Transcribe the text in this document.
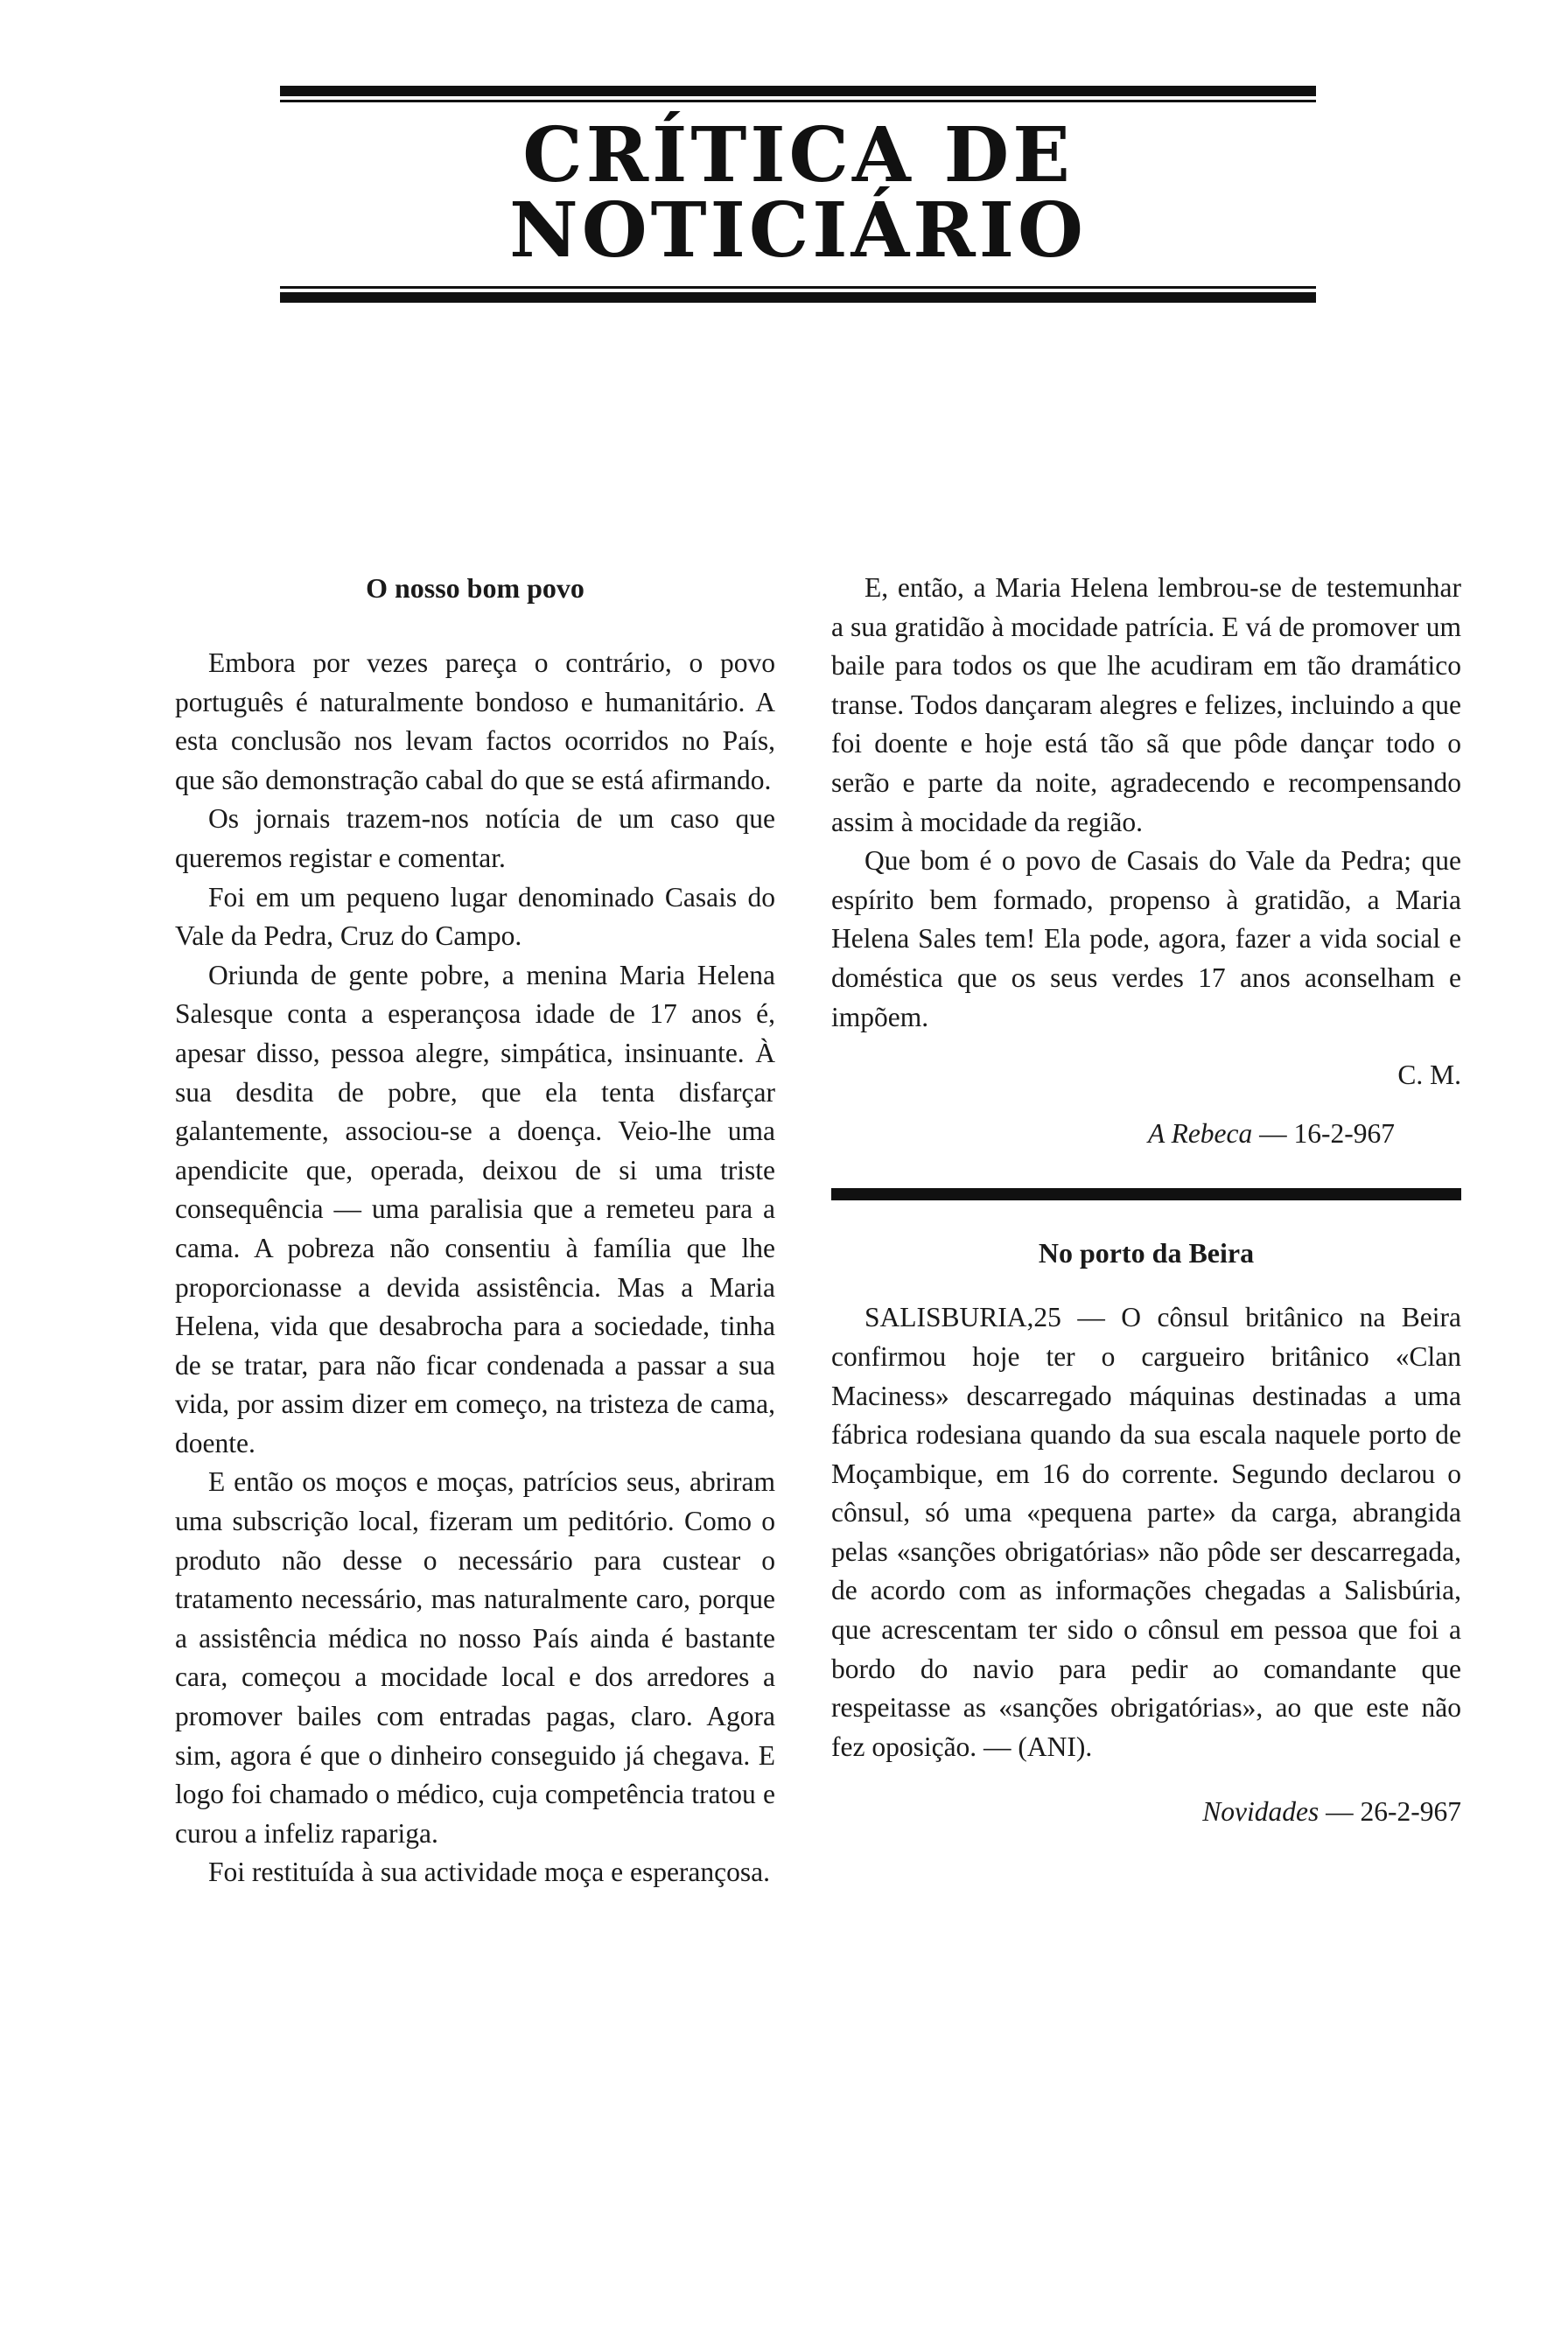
CRÍTICA DE NOTICIÁRIO
O nosso bom povo

Embora por vezes pareça o contrário, o povo português é naturalmente bondoso e humanitário. A esta conclusão nos levam factos ocorridos no País, que são demonstração cabal do que se está afirmando.

Os jornais trazem-nos notícia de um caso que queremos registar e comentar.

Foi em um pequeno lugar denominado Casais do Vale da Pedra, Cruz do Campo.

Oriunda de gente pobre, a menina Maria Helena Salesque conta a esperançosa idade de 17 anos é, apesar disso, pessoa alegre, simpática, insinuante. À sua desdita de pobre, que ela tenta disfarçar galantemente, associou-se a doença. Veio-lhe uma apendicite que, operada, deixou de si uma triste consequência — uma paralisia que a remeteu para a cama. A pobreza não consentiu à família que lhe proporcionasse a devida assistência. Mas a Maria Helena, vida que desabrocha para a sociedade, tinha de se tratar, para não ficar condenada a passar a sua vida, por assim dizer em começo, na tristeza de cama, doente.

E então os moços e moças, patrícios seus, abriram uma subscrição local, fizeram um peditório. Como o produto não desse o necessário para custear o tratamento necessário, mas naturalmente caro, porque a assistência médica no nosso País ainda é bastante cara, começou a mocidade local e dos arredores a promover bailes com entradas pagas, claro. Agora sim, agora é que o dinheiro conseguido já chegava. E logo foi chamado o médico, cuja competência tratou e curou a infeliz rapariga.

Foi restituída à sua actividade moça e esperançosa.

E, então, a Maria Helena lembrou-se de testemunhar a sua gratidão à mocidade patrícia. E vá de promover um baile para todos os que lhe acudiram em tão dramático transe. Todos dançaram alegres e felizes, incluindo a que foi doente e hoje está tão sã que pôde dançar todo o serão e parte da noite, agradecendo e recompensando assim à mocidade da região.

Que bom é o povo de Casais do Vale da Pedra; que espírito bem formado, propenso à gratidão, a Maria Helena Sales tem! Ela pode, agora, fazer a vida social e doméstica que os seus verdes 17 anos aconselham e impõem.

C. M.
A Rebeca — 16-2-967
No porto da Beira

SALISBURIA,25 — O cônsul britânico na Beira confirmou hoje ter o cargueiro britânico «Clan Maciness» descarregado máquinas destinadas a uma fábrica rodesiana quando da sua escala naquele porto de Moçambique, em 16 do corrente. Segundo declarou o cônsul, só uma «pequena parte» da carga, abrangida pelas «sanções obrigatórias» não pôde ser descarregada, de acordo com as informações chegadas a Salisbúria, que acrescentam ter sido o cônsul em pessoa que foi a bordo do navio para pedir ao comandante que respeitasse as «sanções obrigatórias», ao que este não fez oposição. — (ANI).

Novidades — 26-2-967
